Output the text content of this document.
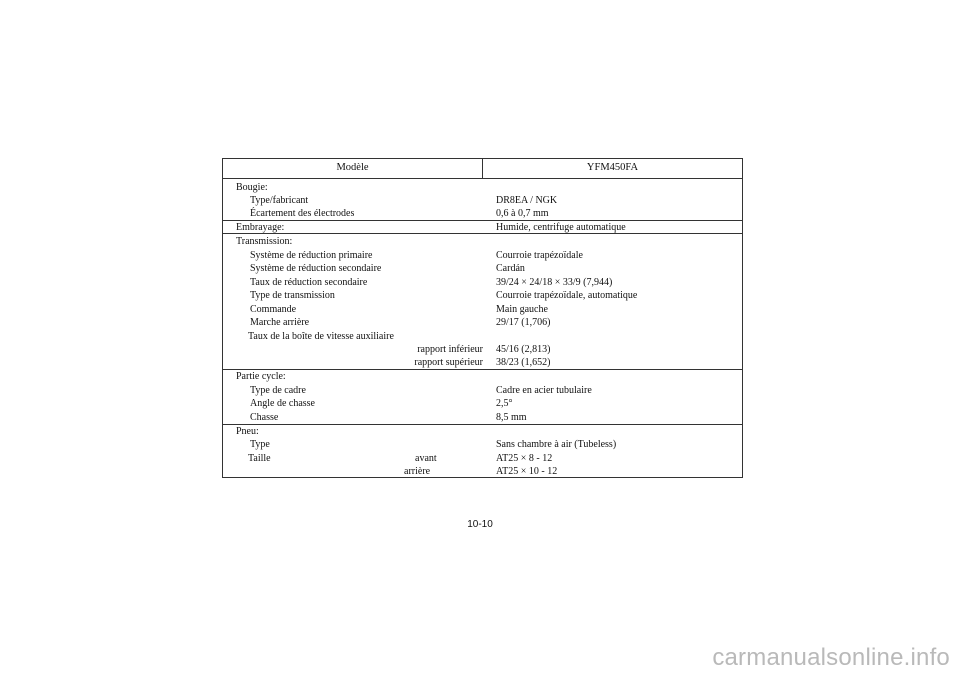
Modèle	YFM450FA
Bougie:
Type/fabricant	DR8EA / NGK
Écartement des électrodes	0,6 à 0,7 mm
Embrayage:	Humide, centrifuge automatique
Transmission:
Système de réduction primaire	Courroie trapézoïdale
Système de réduction secondaire	Cardán
Taux de réduction secondaire	39/24 × 24/18 × 33/9 (7,944)
Type de transmission	Courroie trapézoïdale, automatique
Commande	Main gauche
Marche arrière	29/17 (1,706)
Taux de la boîte de vitesse auxiliaire
rapport inférieur 45/16 (2,813)
rapport supérieur 38/23 (1,652)
Partie cycle:
Type de cadre	Cadre en acier tubulaire
Angle de chasse	2,5°
Chasse	8,5 mm
Pneu:
Type	Sans chambre à air (Tubeless)
Taille	avant	AT25 × 8 - 12
arrière	AT25 × 10 - 12
10-10
carmanualsonline.info
